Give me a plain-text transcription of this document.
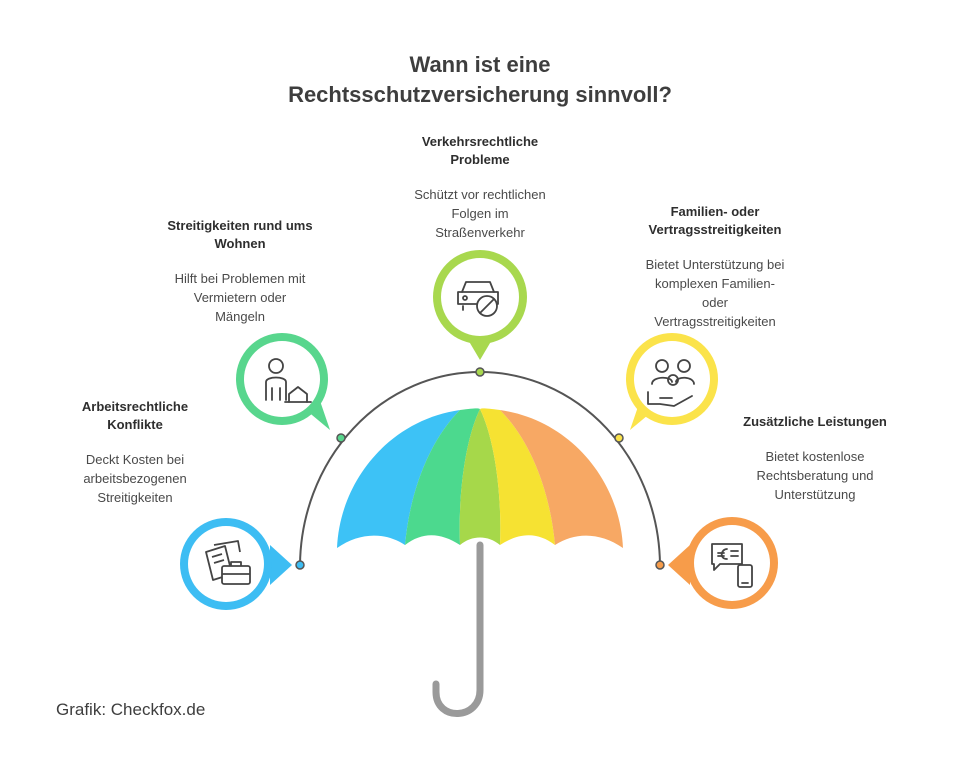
Wann ist eine
Rechtsschutzversicherung sinnvoll?
Arbeitsrechtliche
Konflikte
Deckt Kosten bei
arbeitsbezogenen
Streitigkeiten
Streitigkeiten rund ums
Wohnen
Hilft bei Problemen mit
Vermietern oder
Mängeln
Verkehrsrechtliche
Probleme
Schützt vor rechtlichen
Folgen im
Straßenverkehr
Familien- oder
Vertragsstreitigkeiten
Bietet Unterstützung bei
komplexen Familien-
oder
Vertragsstreitigkeiten
Zusätzliche Leistungen
Bietet kostenlose
Rechtsberatung und
Unterstützung
Grafik: Checkfox.de
